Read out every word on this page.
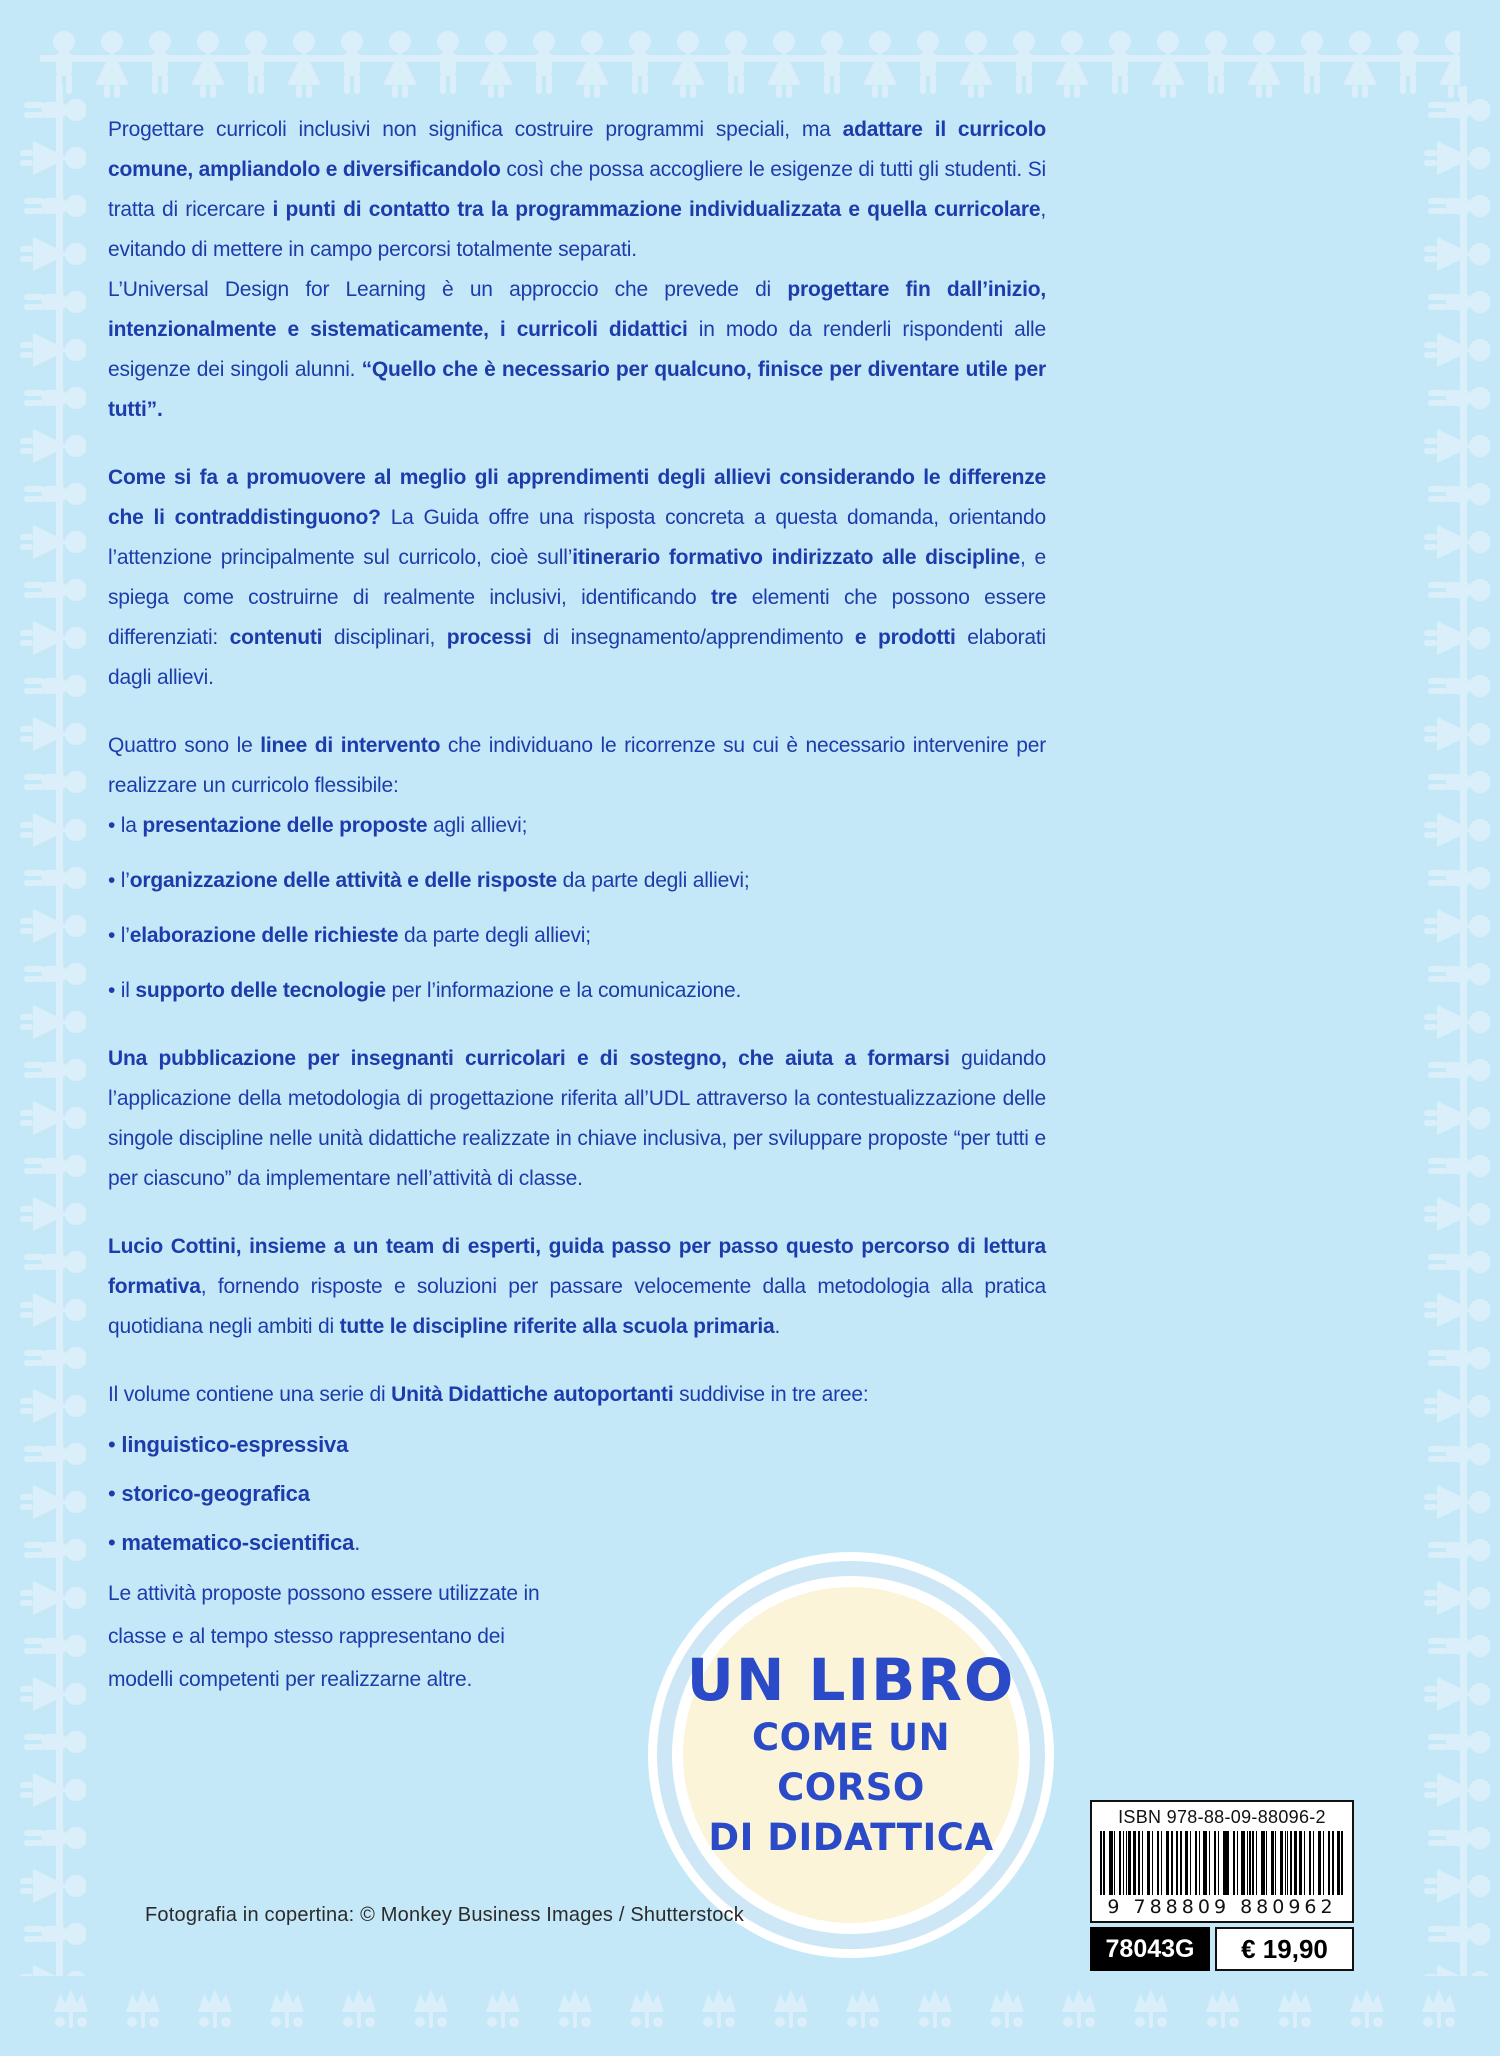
Progettare curricoli inclusivi non significa costruire programmi speciali, ma adattare il curricolo comune, ampliandolo e diversificandolo così che possa accogliere le esigenze di tutti gli studenti. Si tratta di ricercare i punti di contatto tra la programmazione individualizzata e quella curricolare, evitando di mettere in campo percorsi totalmente separati.

L’Universal Design for Learning è un approccio che prevede di progettare fin dall’inizio, intenzionalmente e sistematicamente, i curricoli didattici in modo da renderli rispondenti alle esigenze dei singoli alunni. “Quello che è necessario per qualcuno, finisce per diventare utile per tutti”.

Come si fa a promuovere al meglio gli apprendimenti degli allievi considerando le differenze che li contraddistinguono? La Guida offre una risposta concreta a questa domanda, orientando l’attenzione principalmente sul curricolo, cioè sull’itinerario formativo indirizzato alle discipline, e spiega come costruirne di realmente inclusivi, identificando tre elementi che possono essere differenziati: contenuti disciplinari, processi di insegnamento/apprendimento e prodotti elaborati dagli allievi.

Quattro sono le linee di intervento che individuano le ricorrenze su cui è necessario intervenire per realizzare un curricolo flessibile:

• la presentazione delle proposte agli allievi;

• l’organizzazione delle attività e delle risposte da parte degli allievi;

• l’elaborazione delle richieste da parte degli allievi;

• il supporto delle tecnologie per l’informazione e la comunicazione.

Una pubblicazione per insegnanti curricolari e di sostegno, che aiuta a formarsi guidando l’applicazione della metodologia di progettazione riferita all’UDL attraverso la contestualizzazione delle singole discipline nelle unità didattiche realizzate in chiave inclusiva, per sviluppare proposte “per tutti e per ciascuno” da implementare nell’attività di classe.

Lucio Cottini, insieme a un team di esperti, guida passo per passo questo percorso di lettura formativa, fornendo risposte e soluzioni per passare velocemente dalla metodologia alla pratica quotidiana negli ambiti di tutte le discipline riferite alla scuola primaria.

Il volume contiene una serie di Unità Didattiche autoportanti suddivise in tre aree:

• linguistico-espressiva

• storico-geografica

• matematico-scientifica.

Le attività proposte possono essere utilizzate in classe e al tempo stesso rappresentano dei modelli competenti per realizzarne altre.	UN LIBRO
COME UN CORSO
DI DIDATTICA	ISBN 978-88-09-88096-2
9 788809 880962
78043G	€ 19,90
Fotografia in copertina: © Monkey Business Images / Shutterstock
